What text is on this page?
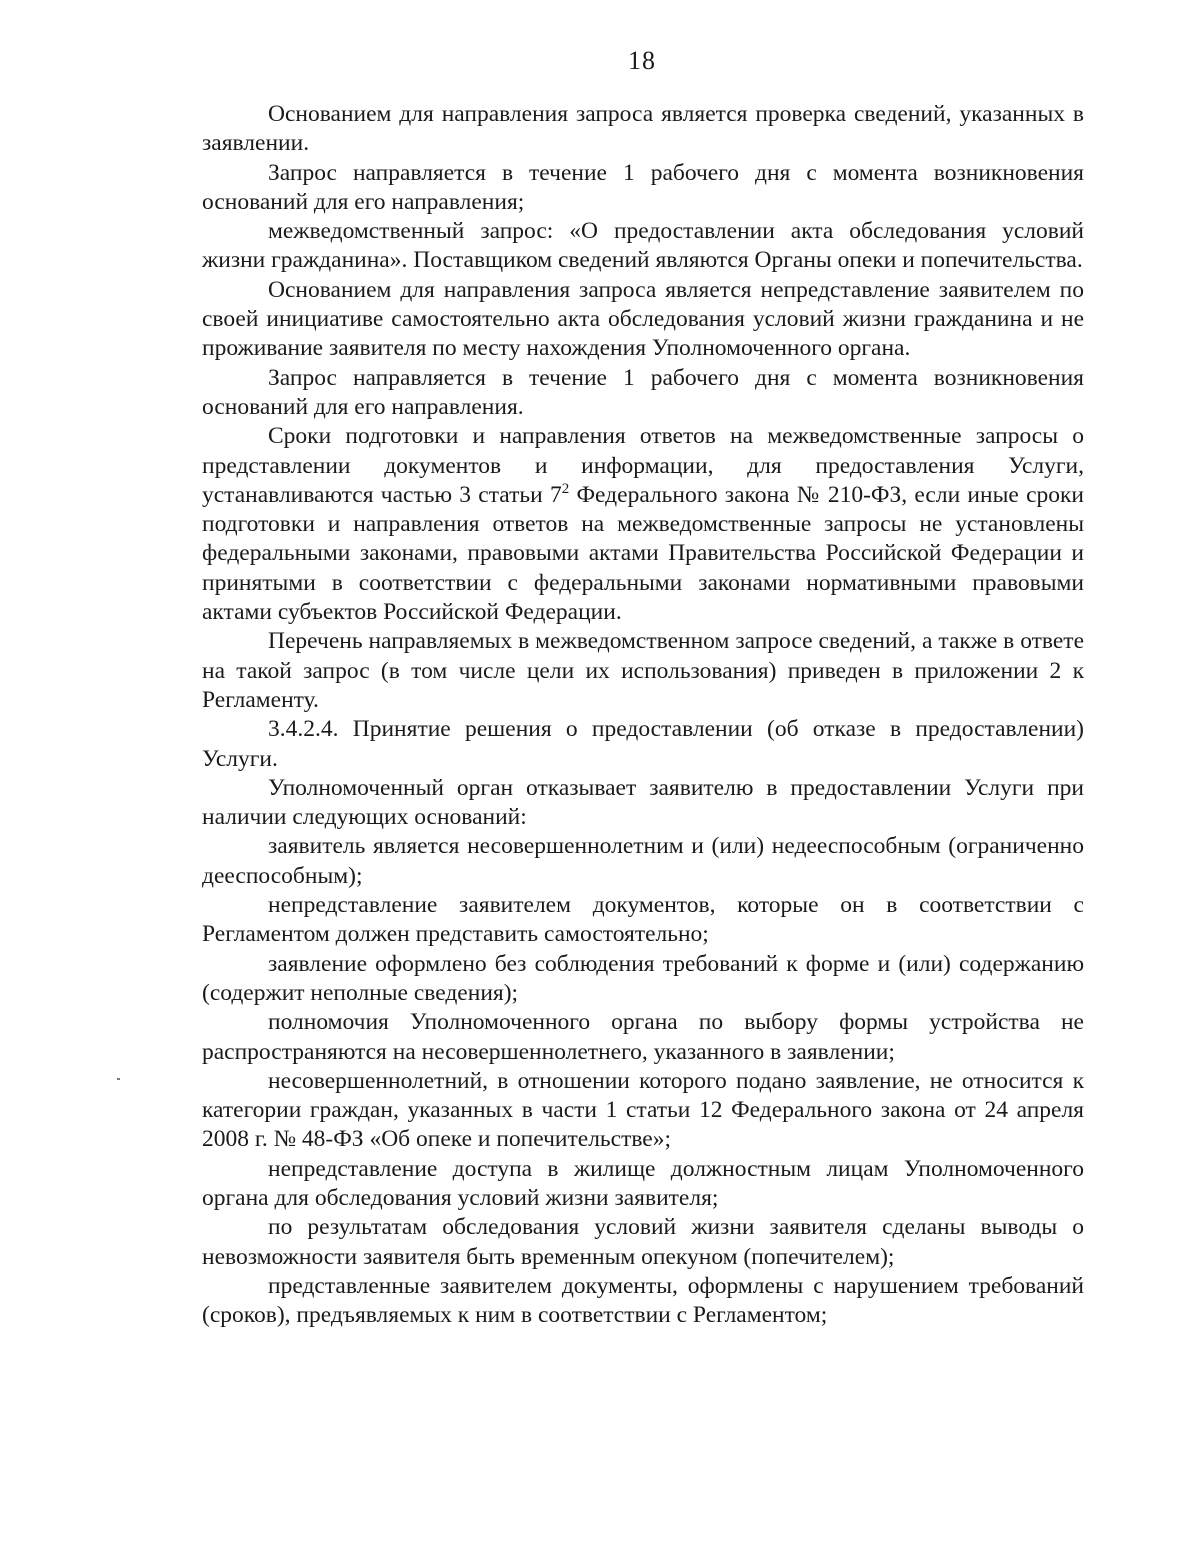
18

Основанием для направления запроса является проверка сведений, указанных в заявлении.

Запрос направляется в течение 1 рабочего дня с момента возникновения оснований для его направления;

межведомственный запрос: «О предоставлении акта обследования условий жизни гражданина». Поставщиком сведений являются Органы опеки и попечительства.

Основанием для направления запроса является непредставление заявителем по своей инициативе самостоятельно акта обследования условий жизни гражданина и не проживание заявителя по месту нахождения Уполномоченного органа.

Запрос направляется в течение 1 рабочего дня с момента возникновения оснований для его направления.

Сроки подготовки и направления ответов на межведомственные запросы о представлении документов и информации, для предоставления Услуги, устанавливаются частью 3 статьи $7^2$ Федерального закона № 210-ФЗ, если иные сроки подготовки и направления ответов на межведомственные запросы не установлены федеральными законами, правовыми актами Правительства Российской Федерации и принятыми в соответствии с федеральными законами нормативными правовыми актами субъектов Российской Федерации.

Перечень направляемых в межведомственном запросе сведений, а также в ответе на такой запрос (в том числе цели их использования) приведен в приложении 2 к Регламенту.

3.4.2.4. Принятие решения о предоставлении (об отказе в предоставлении) Услуги.

Уполномоченный орган отказывает заявителю в предоставлении Услуги при наличии следующих оснований:

заявитель является несовершеннолетним и (или) недееспособным (ограниченно дееспособным);

непредставление заявителем документов, которые он в соответствии с Регламентом должен представить самостоятельно;

заявление оформлено без соблюдения требований к форме и (или) содержанию (содержит неполные сведения);

полномочия Уполномоченного органа по выбору формы устройства не распространяются на несовершеннолетнего, указанного в заявлении;

несовершеннолетний, в отношении которого подано заявление, не относится к категории граждан, указанных в части 1 статьи 12 Федерального закона от 24 апреля 2008 г. № 48-ФЗ «Об опеке и попечительстве»;

непредставление доступа в жилище должностным лицам Уполномоченного органа для обследования условий жизни заявителя;

по результатам обследования условий жизни заявителя сделаны выводы о невозможности заявителя быть временным опекуном (попечителем);

представленные заявителем документы, оформлены с нарушением требований (сроков), предъявляемых к ним в соответствии с Регламентом;
